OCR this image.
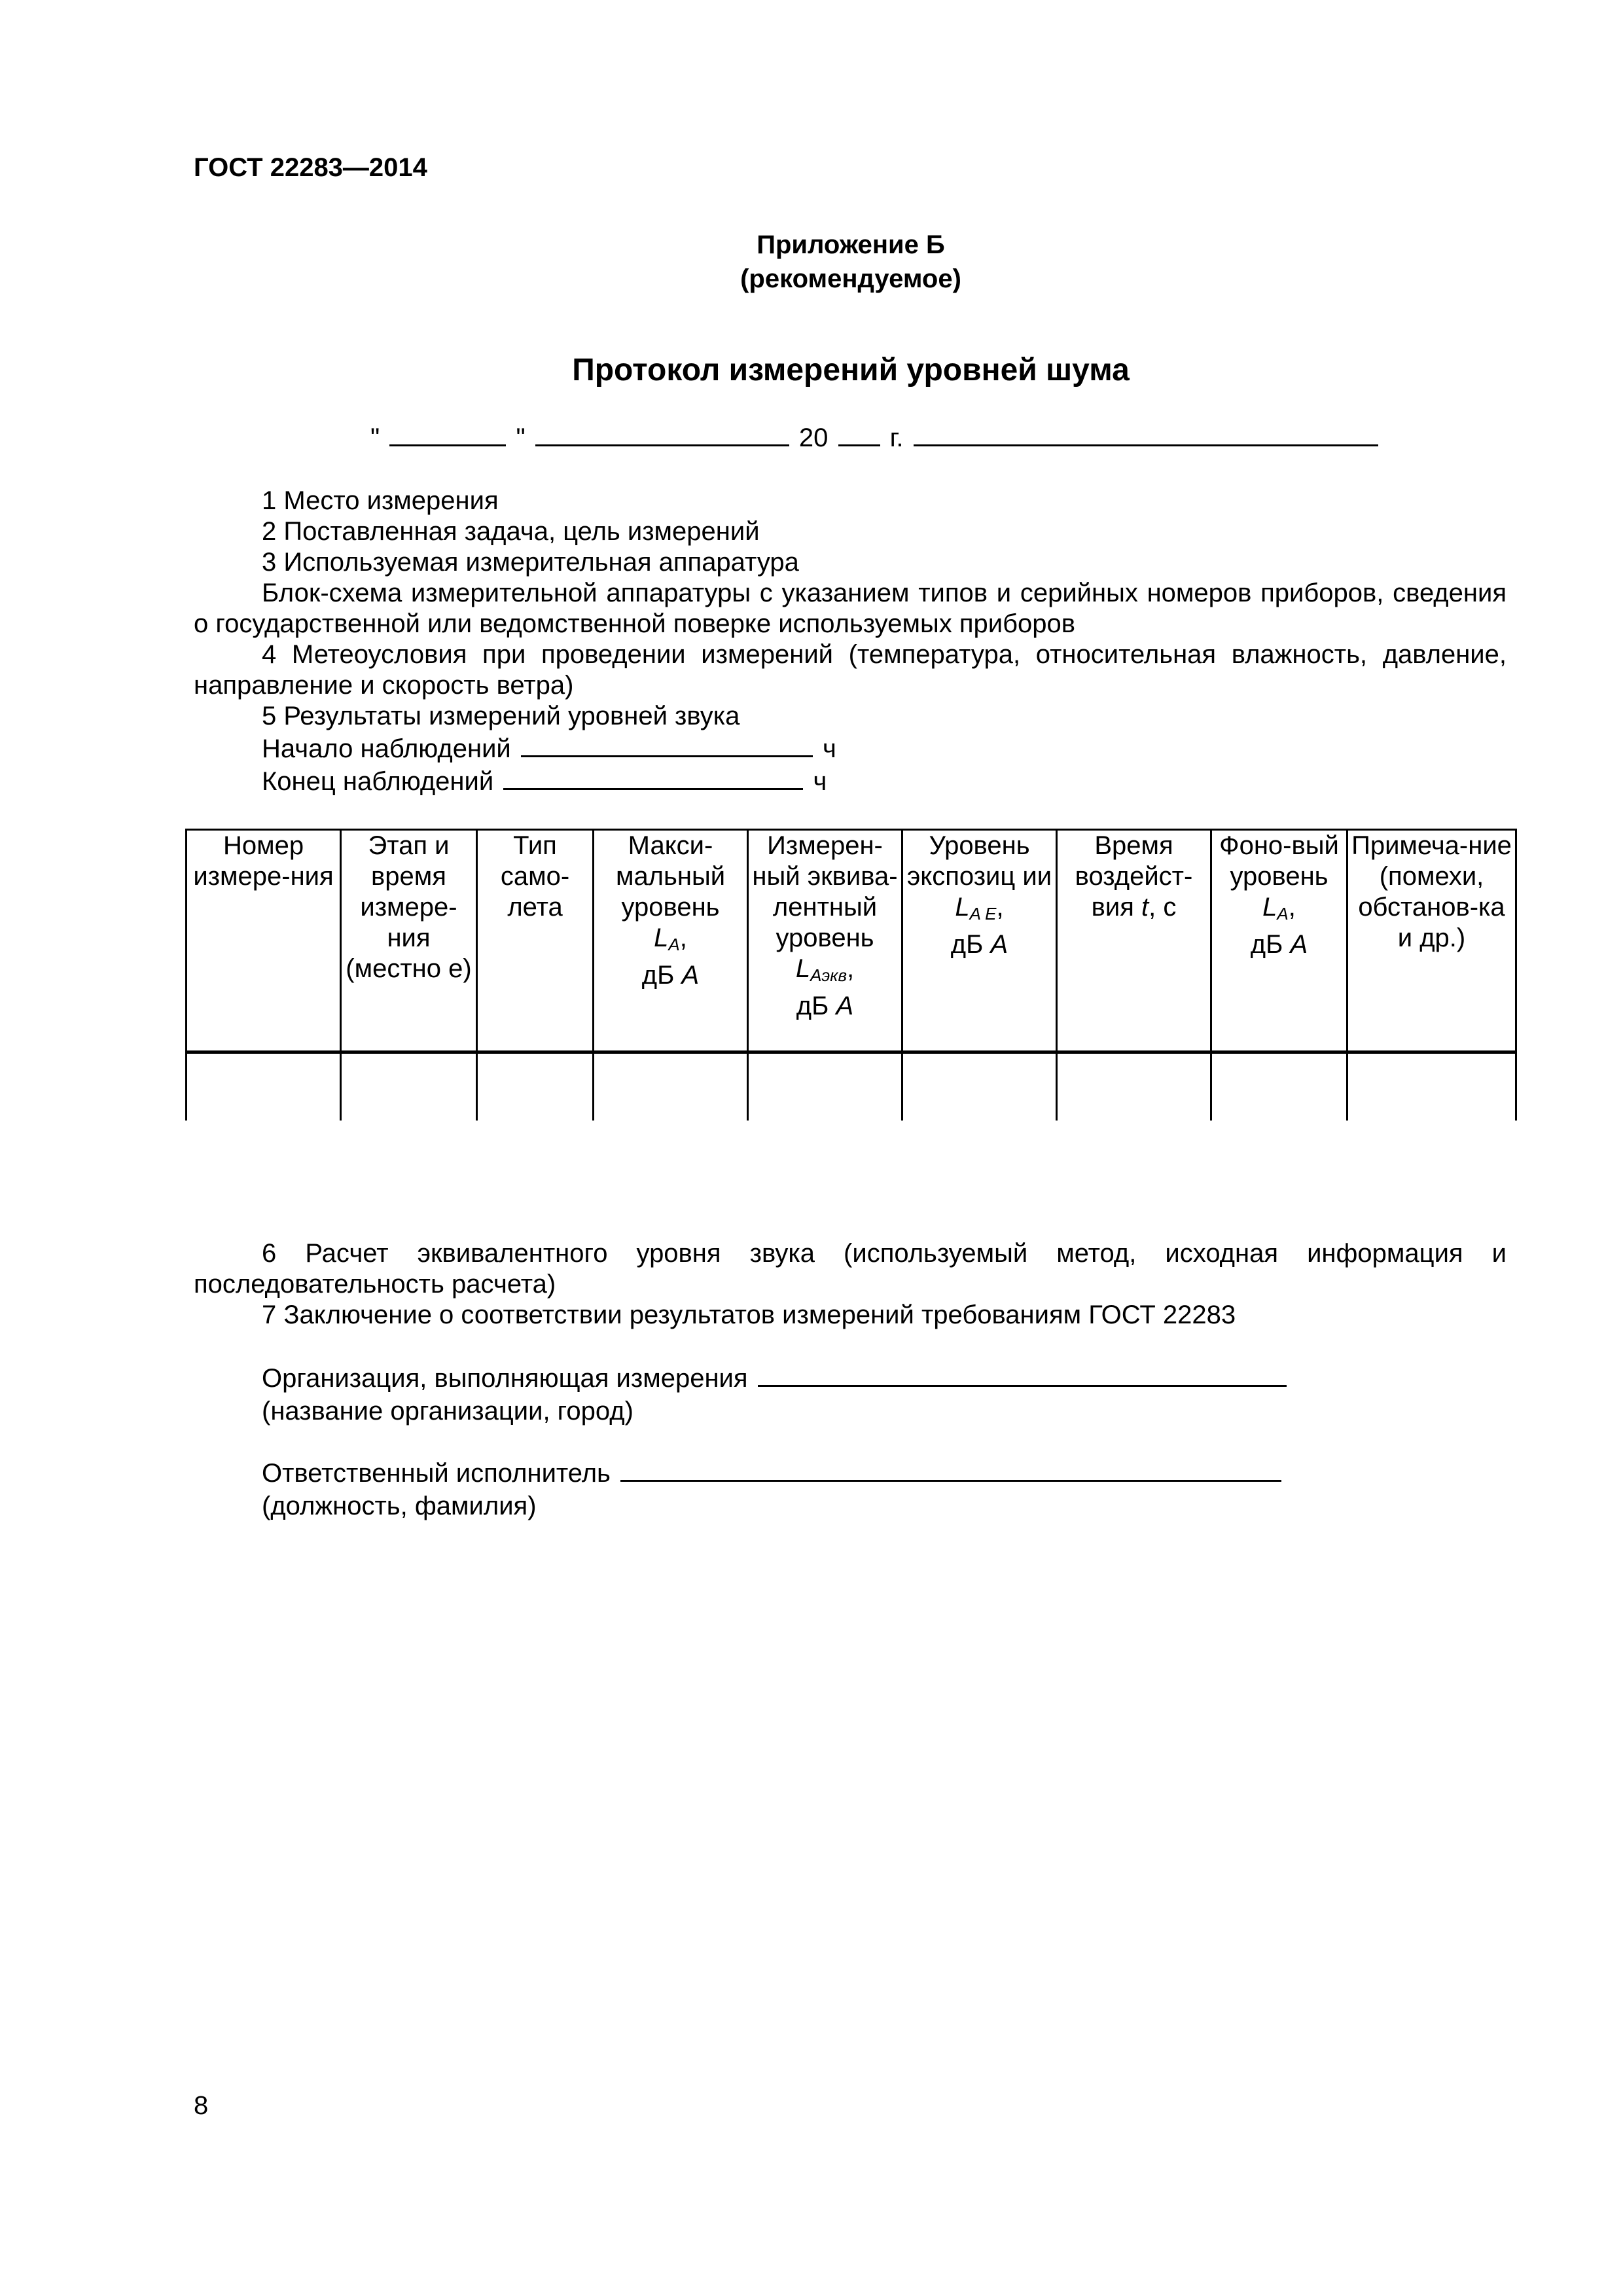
ГОСТ 22283—2014
Приложение Б
(рекомендуемое)
Протокол измерений уровней шума
"	"	20 г.

1 Место измерения

2 Поставленная задача, цель измерений

3 Используемая измерительная аппаратура

Блок-схема измерительной аппаратуры с указанием типов и серийных номеров приборов, сведения о государственной или ведомственной поверке используемых приборов

4 Метеоусловия при проведении измерений (температура, относительная влажность, давление, направление и скорость ветра)

5 Результаты измерений уровней звука

Начало наблюдений	ч

Конец наблюдений	ч

Номер измере-ния	Этап и время измере-ния (местно е)	Тип само-лета	Макси-мальный уровень
$L_A$,
дБ A	Измерен-ный эквива-лентный уровень
$L_{Aэкв}$,
дБ A	Уровень экспозиц ии $L_{A E}$,
дБ A	Время воздейст-вия t, с	Фоно-вый уровень
$L_A$,
дБ A	Примеча-ние (помехи, обстанов-ка и др.)

6 Расчет эквивалентного уровня звука (используемый метод, исходная информация и последовательность расчета)

7 Заключение о соответствии результатов измерений требованиям ГОСТ 22283

Организация, выполняющая измерения
(название организации, город)
Ответственный исполнитель
(должность, фамилия)
8
